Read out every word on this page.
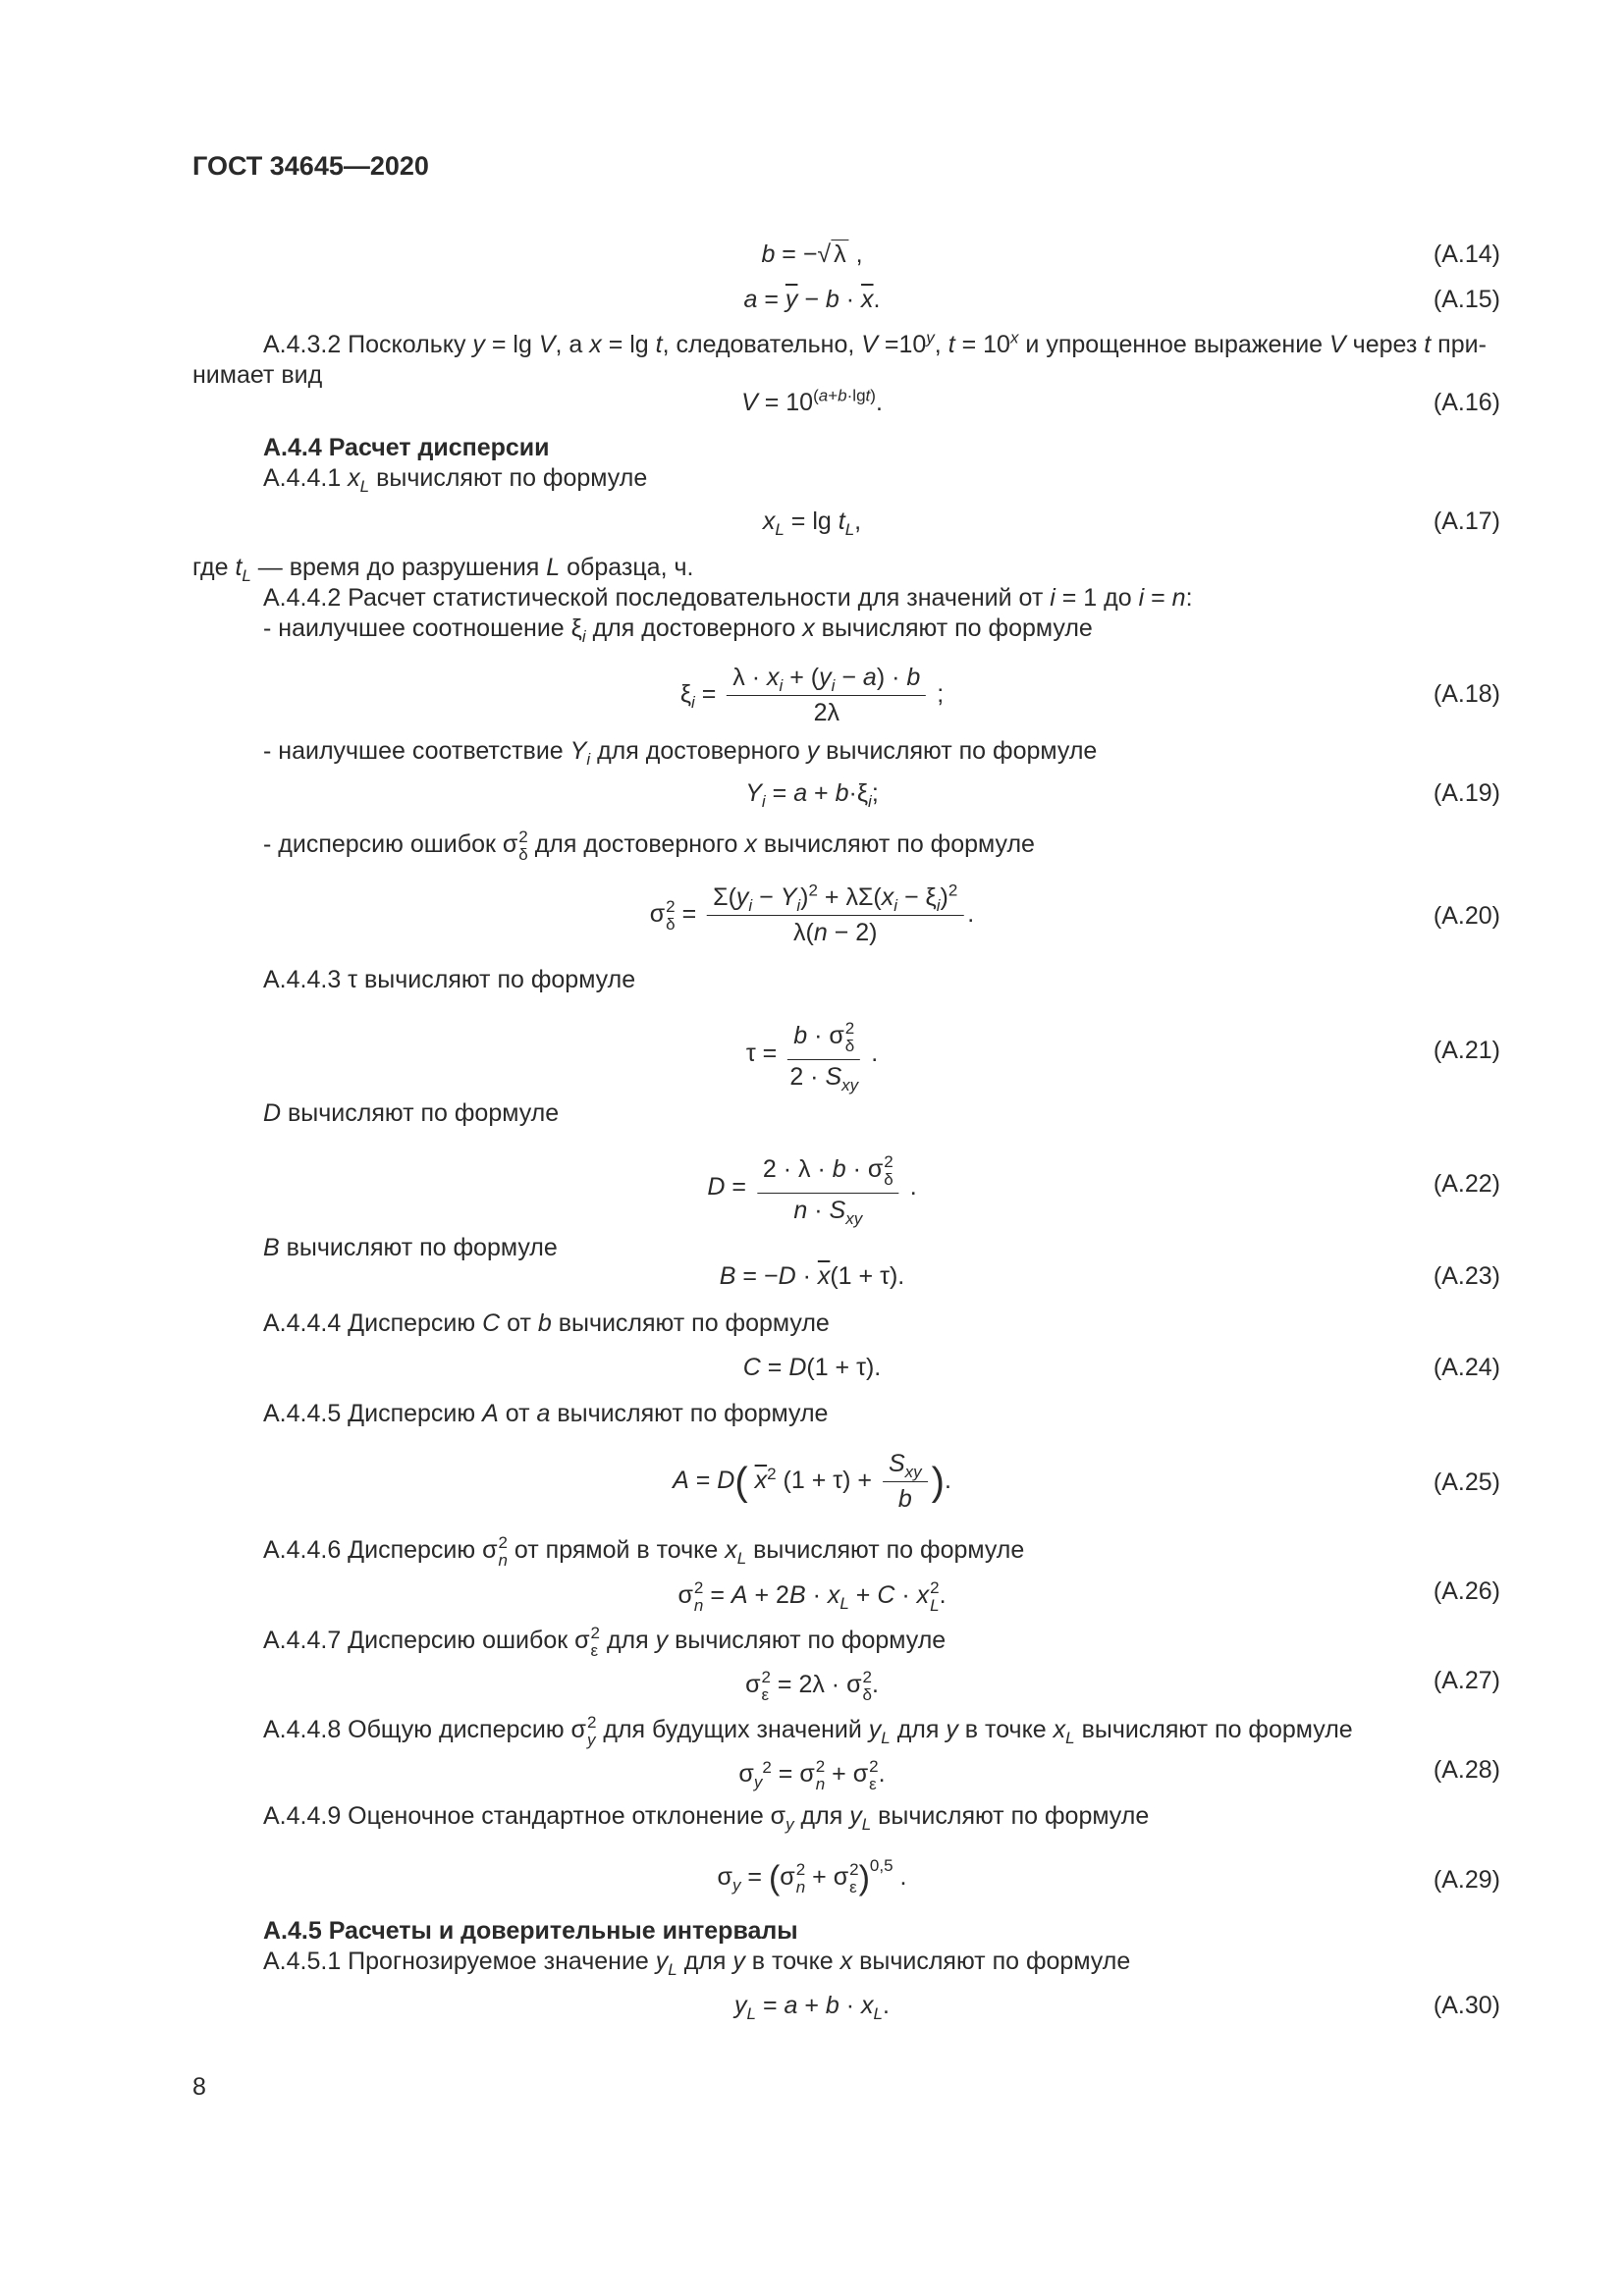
ГОСТ 34645—2020
b = −√ λ ,	(А.14)
$a = \overline{y} - b \cdot \overline{x}$.	(А.15)
А.4.3.2 Поскольку y = lg V, а x = lg t, следовательно, $V =10^y$, $t = 10^x$ и упрощенное выражение V через t при-
нимает вид
$V = 10^{(a+b\cdot lgt)}$.	(А.16)
А.4.4 Расчет дисперсии
А.4.4.1 $x_L$ вычисляют по формуле
$x_L = \lg t_L$,	(А.17)
где $t_L$ — время до разрушения L образца, ч.
А.4.4.2 Расчет статистической последовательности для значений от i = 1 до i = n:
- наилучшее соотношение $\xi_i$ для достоверного x вычисляют по формуле
$\xi_i = \frac{\lambda \cdot x_i + (y_i - a) \cdot b}{2\lambda}$ ;	(А.18)
- наилучшее соответствие $Y_i$ для достоверного y вычисляют по формуле
$Y_i = a + b\cdot\xi_i$;	(А.19)
- дисперсию ошибок σ 2
δ для достоверного x вычисляют по формуле
σ 2
$\delta = \frac{\Sigma(y_i - Y_i)^2 + \lambda\Sigma(x_i - \xi_i)^2}{\lambda(n - 2)}$ .	(А.20)
А.4.4.3 τ вычисляют по формуле
τ =
b · σ 2
δ
$2 \cdot S_{xy}$
.	(А.21)
D вычисляют по формуле
D =
2 · λ · b · σ 2
δ
$n \cdot S_{xy}$
.	(А.22)
B вычисляют по формуле
$B = -D \cdot \overline{x}(1 + \tau)$.	(А.23)
А.4.4.4 Дисперсию C от b вычисляют по формуле
C = D(1 + τ).	(А.24)
А.4.4.5 Дисперсию A от a вычисляют по формуле
A = D( $\overline{x}^2$ (1 + τ) +
$S_{xy}$
b ).	(А.25)
А.4.4.6 Дисперсию σ 2
n от прямой в точке $x_L$ вычисляют по формуле
σ 2
$n = A + 2B \cdot x_L + C \cdot x$ 2
L .	(А.26)
А.4.4.7 Дисперсию ошибок σ 2
ε для y вычисляют по формуле
σ 2
ε = 2λ · σ 2
δ .	(А.27)
А.4.4.8 Общую дисперсию σ 2
y для будущих значений $y_L$ для y в точке $x_L$ вычисляют по формуле
$\sigma_y^2 = \sigma$ 2
n + σ 2
ε .	(А.28)
А.4.4.9 Оценочное стандартное отклонение $\sigma_y$ для $y_L$ вычисляют по формуле
$\sigma_y = (\sigma$ 2
n + σ 2
ε )$^{0,5}$ .	(А.29)
А.4.5 Расчеты и доверительные интервалы
А.4.5.1 Прогнозируемое значение $y_L$ для y в точке x вычисляют по формуле
$y_L = a + b \cdot x_L$.	(А.30)
8
